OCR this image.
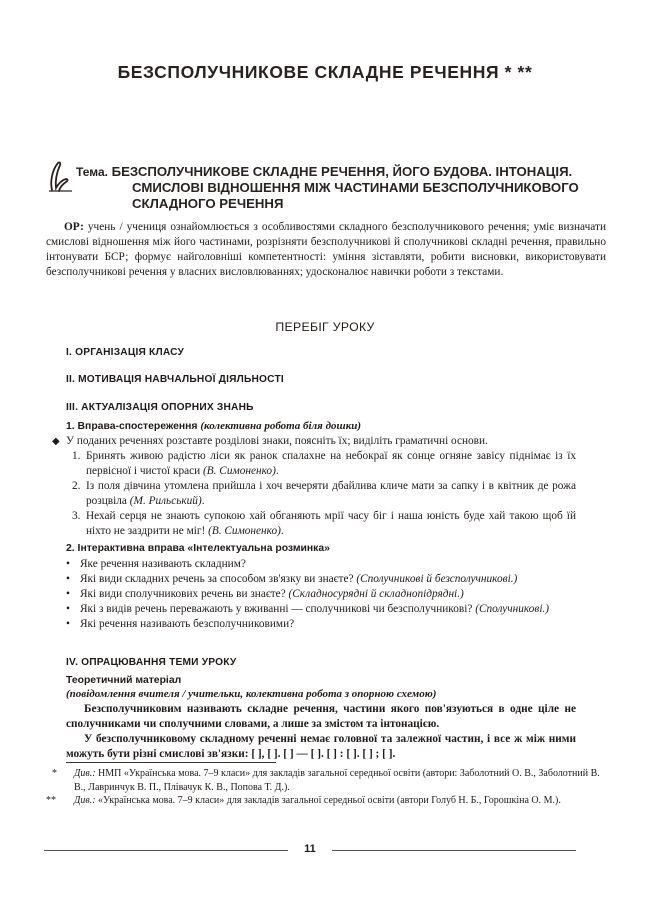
БЕЗСПОЛУЧНИКОВЕ СКЛАДНЕ РЕЧЕННЯ * **
Тема. БЕЗСПОЛУЧНИКОВЕ СКЛАДНЕ РЕЧЕННЯ, ЙОГО БУДОВА. ІНТОНАЦІЯ.
СМИСЛОВІ ВІДНОШЕННЯ МІЖ ЧАСТИНАМИ БЕЗСПОЛУЧНИКОВОГО
СКЛАДНОГО РЕЧЕННЯ

ОР: учень / учениця ознайомлюється з особливостями складного безсполучникового речення; уміє визначати смислові відношення між його частинами, розрізняти безсполучникові й сполучникові складні речення, правильно інтонувати БСР; формує найголовніші компетентності: уміння зіставляти, робити висновки, використовувати безсполучникові речення у власних висловлюваннях; удосконалює навички роботи з текстами.

ПЕРЕБІГ УРОКУ
І. ОРГАНІЗАЦІЯ КЛАСУ
ІІ. МОТИВАЦІЯ НАВЧАЛЬНОЇ ДІЯЛЬНОСТІ
ІІІ. АКТУАЛІЗАЦІЯ ОПОРНИХ ЗНАНЬ
1. Вправа-спостереження (колективна робота біля дошки)
◆ У поданих реченнях розставте розділові знаки, поясніть їх; виділіть граматичні основи.
1. Бринять живою радістю ліси як ранок спалахне на небокраї як сонце огняне завісу піднімає із їх первісної і чистої краси (В. Симоненко).
2. Із поля дівчина утомлена прийшла і хоч вечеряти дбайлива кличе мати за сапку і в квітник де рожа розцвіла (М. Рильський).
3. Нехай серця не знають супокою хай обганяють мрії часу біг і наша юність буде хай такою щоб їй ніхто не заздрити не міг! (В. Симоненко).
2. Інтерактивна вправа «Інтелектуальна розминка»
• Яке речення називають складним?
• Які види складних речень за способом зв'язку ви знаєте? (Сполучникові й безсполучникові.)
• Які види сполучникових речень ви знаєте? (Складносурядні й складнопідрядні.)
• Які з видів речень переважають у вживанні — сполучникові чи безсполучникові? (Сполучникові.)
• Які речення називають безсполучниковими?
IV. ОПРАЦЮВАННЯ ТЕМИ УРОКУ
Теоретичний матеріал
(повідомлення вчителя / учительки, колективна робота з опорною схемою)

Безсполучниковим називають складне речення, частини якого пов'язуються в одне ціле не сполучниками чи сполучними словами, а лише за змістом та інтонацією.

У безсполучниковому складному реченні немає головної та залежної частин, і все ж між ними можуть бути різні смислові зв'язки: [ ], [ ]. [ ] — [ ]. [ ] : [ ]. [ ] ; [ ].

* Див.: НМП «Українська мова. 7–9 класи» для закладів загальної середньої освіти (автори: Заболотний О. В., Заболотний В. В., Лавринчук В. П., Плівачук К. В., Попова Т. Д.).
** Див.: «Українська мова. 7–9 класи» для закладів загальної середньої освіти (автори Голуб Н. Б., Горошкіна О. М.).
11
